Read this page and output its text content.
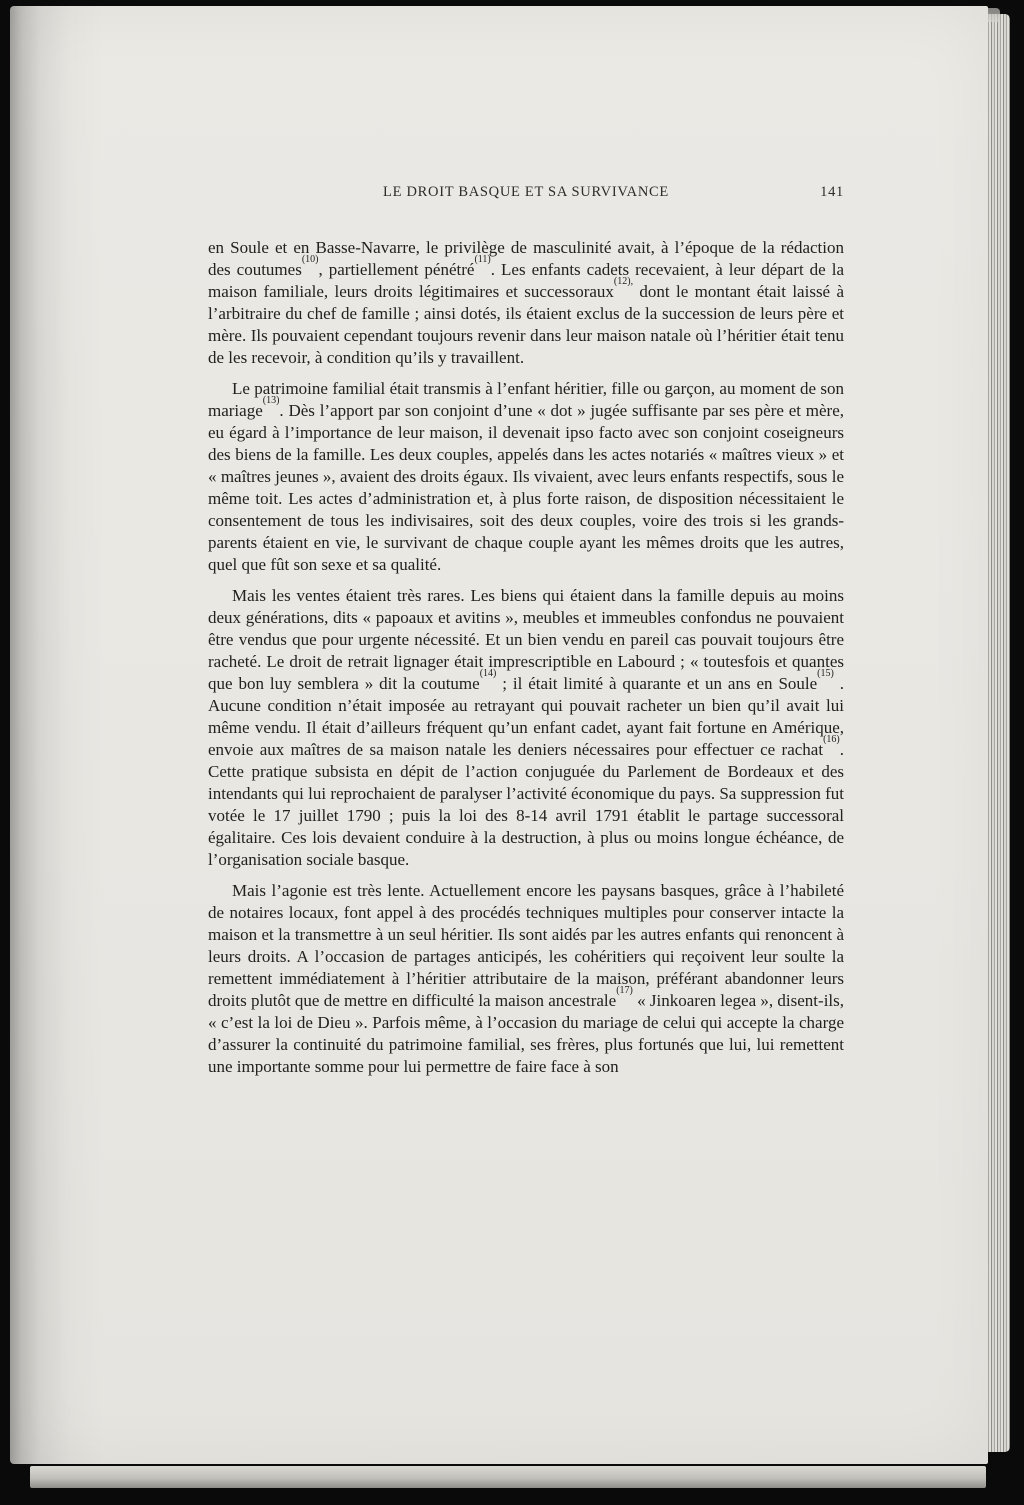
LE DROIT BASQUE ET SA SURVIVANCE	141

en Soule et en Basse-Navarre, le privilège de masculinité avait, à l’époque de la rédaction des coutumes$^{(10)}$, partiellement pénétré$^{(11)}$. Les enfants cadets recevaient, à leur départ de la maison familiale, leurs droits légitimaires et successoraux$^{(12),}$ dont le montant était laissé à l’arbitraire du chef de famille ; ainsi dotés, ils étaient exclus de la succession de leurs père et mère. Ils pouvaient cependant toujours revenir dans leur maison natale où l’héritier était tenu de les recevoir, à condition qu’ils y travaillent.

Le patrimoine familial était transmis à l’enfant héritier, fille ou garçon, au moment de son mariage$^{(13)}$. Dès l’apport par son conjoint d’une « dot » jugée suffisante par ses père et mère, eu égard à l’importance de leur maison, il devenait ipso facto avec son conjoint coseigneurs des biens de la famille. Les deux couples, appelés dans les actes notariés « maîtres vieux » et « maîtres jeunes », avaient des droits égaux. Ils vivaient, avec leurs enfants respectifs, sous le même toit. Les actes d’administration et, à plus forte raison, de disposition nécessitaient le consentement de tous les indivisaires, soit des deux couples, voire des trois si les grands-parents étaient en vie, le survivant de chaque couple ayant les mêmes droits que les autres, quel que fût son sexe et sa qualité.

Mais les ventes étaient très rares. Les biens qui étaient dans la famille depuis au moins deux générations, dits « papoaux et avitins », meubles et immeubles confondus ne pouvaient être vendus que pour urgente nécessité. Et un bien vendu en pareil cas pouvait toujours être racheté. Le droit de retrait lignager était imprescriptible en Labourd ; « toutesfois et quantes que bon luy semblera » dit la coutume$^{(14)}$ ; il était limité à quarante et un ans en Soule$^{(15)}$ . Aucune condition n’était imposée au retrayant qui pouvait racheter un bien qu’il avait lui même vendu. Il était d’ailleurs fréquent qu’un enfant cadet, ayant fait fortune en Amérique, envoie aux maîtres de sa maison natale les deniers nécessaires pour effectuer ce rachat$^{(16)}$. Cette pratique subsista en dépit de l’action conjuguée du Parlement de Bordeaux et des intendants qui lui reprochaient de paralyser l’activité économique du pays. Sa suppression fut votée le 17 juillet 1790 ; puis la loi des 8-14 avril 1791 établit le partage successoral égalitaire. Ces lois devaient conduire à la destruction, à plus ou moins longue échéance, de l’organisation sociale basque.

Mais l’agonie est très lente. Actuellement encore les paysans basques, grâce à l’habileté de notaires locaux, font appel à des procédés techniques multiples pour conserver intacte la maison et la transmettre à un seul héritier. Ils sont aidés par les autres enfants qui renoncent à leurs droits. A l’occasion de partages anticipés, les cohéritiers qui reçoivent leur soulte la remettent immédiatement à l’héritier attributaire de la maison, préférant abandonner leurs droits plutôt que de mettre en difficulté la maison ancestrale$^{(17)}$ « Jinkoaren legea », disent-ils, « c’est la loi de Dieu ». Parfois même, à l’occasion du mariage de celui qui accepte la charge d’assurer la continuité du patrimoine familial, ses frères, plus fortunés que lui, lui remettent une importante somme pour lui permettre de faire face à son
